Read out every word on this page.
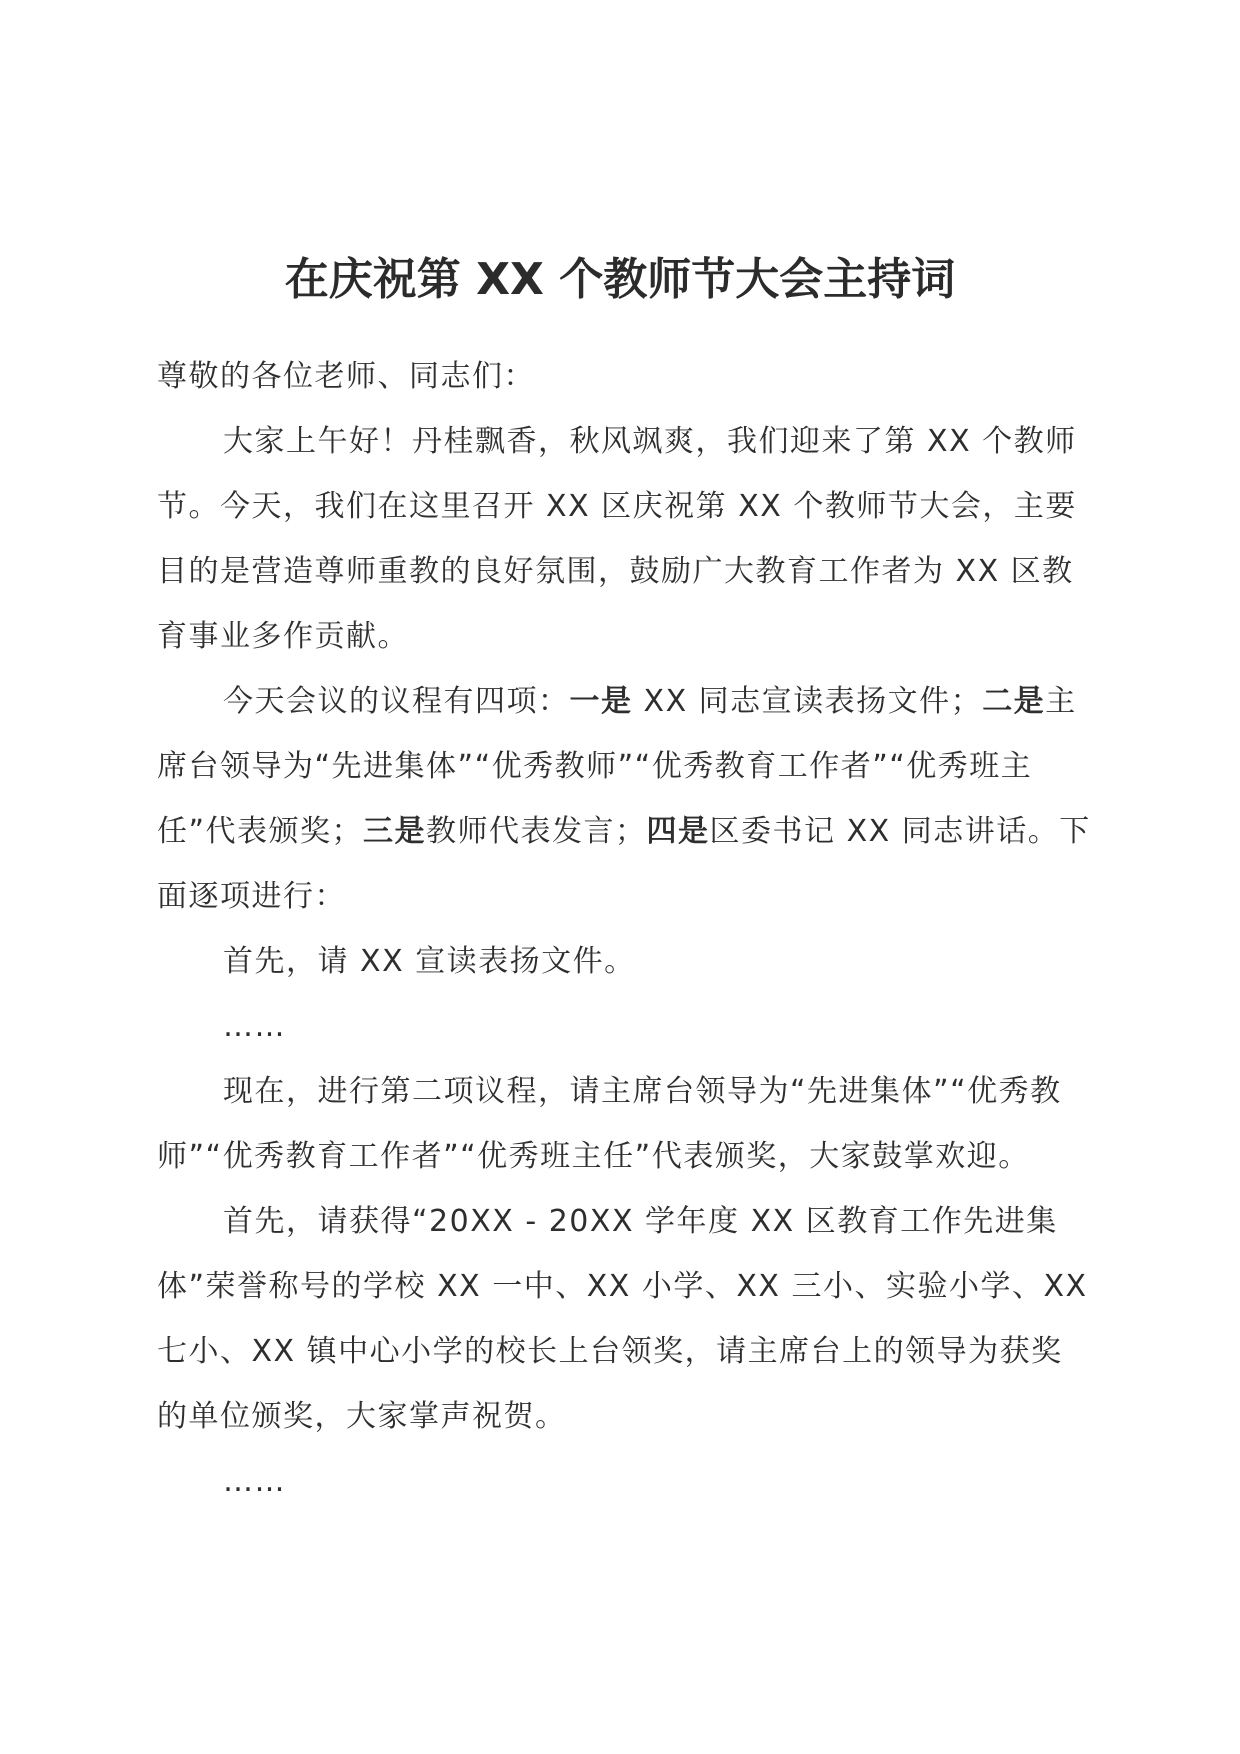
在庆祝第 XX 个教师节大会主持词

尊敬的各位老师、同志们：

大家上午好！丹桂飘香，秋风飒爽，我们迎来了第 XX 个教师节。今天，我们在这里召开 XX 区庆祝第 XX 个教师节大会，主要目的是营造尊师重教的良好氛围，鼓励广大教育工作者为 XX 区教育事业多作贡献。

今天会议的议程有四项：一是 XX 同志宣读表扬文件；二是主席台领导为“先进集体”“优秀教师”“优秀教育工作者”“优秀班主任”代表颁奖；三是教师代表发言；四是区委书记 XX 同志讲话。下面逐项进行：

首先，请 XX 宣读表扬文件。

……

现在，进行第二项议程，请主席台领导为“先进集体”“优秀教师”“优秀教育工作者”“优秀班主任”代表颁奖，大家鼓掌欢迎。

首先，请获得“20XX - 20XX 学年度 XX 区教育工作先进集体”荣誉称号的学校 XX 一中、XX 小学、XX 三小、实验小学、XX 七小、XX 镇中心小学的校长上台领奖，请主席台上的领导为获奖的单位颁奖，大家掌声祝贺。

……
